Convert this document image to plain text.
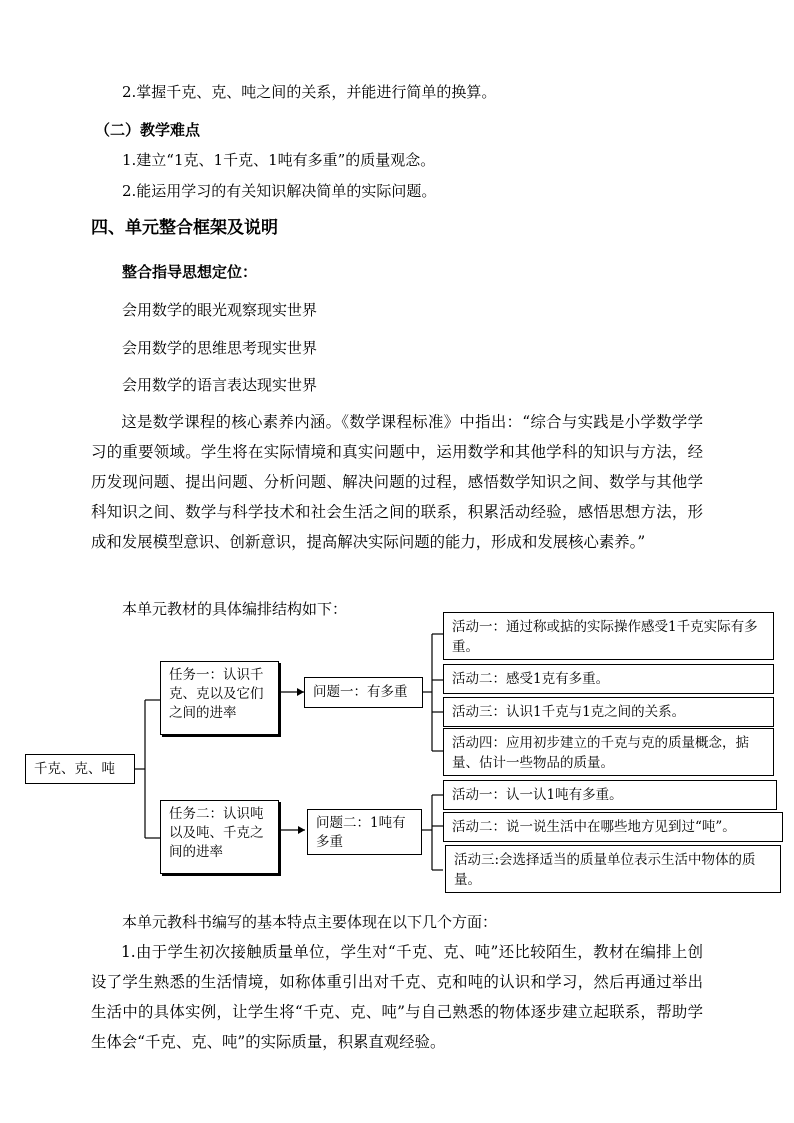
2.掌握千克、克、吨之间的关系，并能进行简单的换算。
（二）教学难点
1.建立“1克、1千克、1吨有多重”的质量观念。
2.能运用学习的有关知识解决简单的实际问题。
四、单元整合框架及说明
整合指导思想定位：
会用数学的眼光观察现实世界
会用数学的思维思考现实世界
会用数学的语言表达现实世界
这是数学课程的核心素养内涵。《数学课程标准》中指出：“综合与实践是小学数学学习的重要领域。学生将在实际情境和真实问题中，运用数学和其他学科的知识与方法，经历发现问题、提出问题、分析问题、解决问题的过程，感悟数学知识之间、数学与其他学科知识之间、数学与科学技术和社会生活之间的联系，积累活动经验，感悟思想方法，形成和发展模型意识、创新意识，提高解决实际问题的能力，形成和发展核心素养。”
本单元教材的具体编排结构如下：
千克、克、吨
任务一：认识千克、克以及它们之间的进率
任务二：认识吨以及吨、千克之间的进率
问题一：有多重
问题二：1吨有多重
活动一：通过称或掂的实际操作感受1千克实际有多重。
活动二：感受1克有多重。
活动三：认识1千克与1克之间的关系。
活动四：应用初步建立的千克与克的质量概念，掂量、估计一些物品的质量。
活动一：认一认1吨有多重。
活动二：说一说生活中在哪些地方见到过“吨”。
活动三:会选择适当的质量单位表示生活中物体的质量。
本单元教科书编写的基本特点主要体现在以下几个方面：
1.由于学生初次接触质量单位，学生对“千克、克、吨”还比较陌生，教材在编排上创设了学生熟悉的生活情境，如称体重引出对千克、克和吨的认识和学习，然后再通过举出生活中的具体实例，让学生将“千克、克、吨”与自己熟悉的物体逐步建立起联系，帮助学生体会“千克、克、吨”的实际质量，积累直观经验。
